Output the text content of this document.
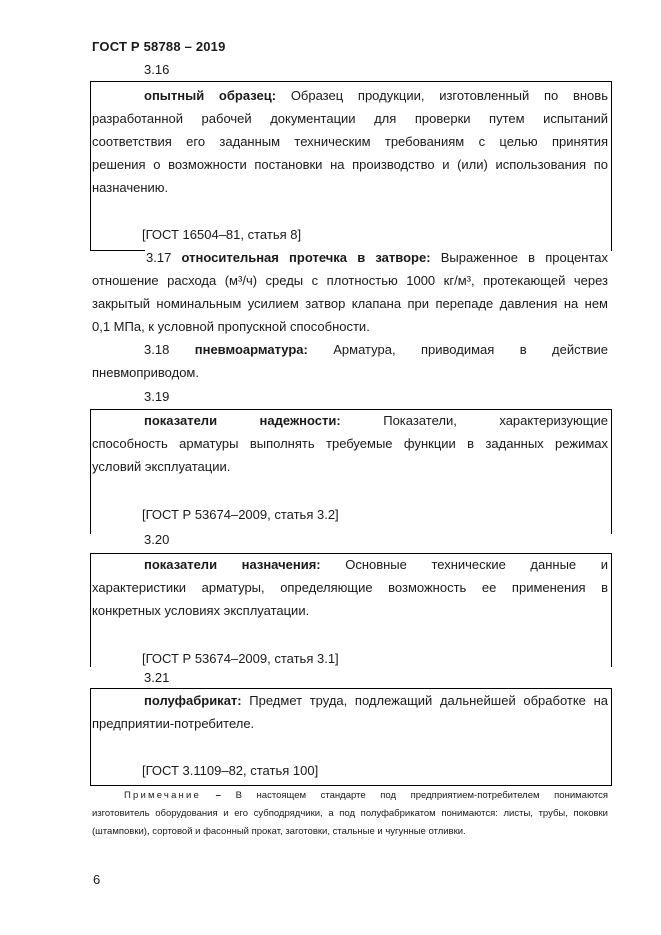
ГОСТ Р 58788 – 2019
3.16
опытный образец: Образец продукции, изготовленный по вновь
разработанной рабочей документации для проверки путем испытаний
соответствия его заданным техническим требованиям с целью принятия
решения о возможности постановки на производство и (или) использования по
назначению.
[ГОСТ 16504–81, статья 8]
3.17 относительная протечка в затворе: Выраженное в процентах
отношение расхода (м³/ч) среды с плотностью 1000 кг/м³, протекающей через
закрытый номинальным усилием затвор клапана при перепаде давления на нем
0,1 МПа, к условной пропускной способности.
3.18 пневмоарматура: Арматура, приводимая в действие
пневмоприводом.
3.19
показатели надежности:	Показатели, характеризующие
способность арматуры выполнять требуемые функции в заданных режимах
условий эксплуатации.
[ГОСТ Р 53674–2009, статья 3.2]
3.20
показатели назначения: Основные технические данные и
характеристики арматуры, определяющие возможность ее применения в
конкретных условиях эксплуатации.
[ГОСТ Р 53674–2009, статья 3.1]
3.21
полуфабрикат: Предмет труда, подлежащий дальнейшей обработке на
предприятии-потребителе.
[ГОСТ 3.1109–82, статья 100]
Примечание – В настоящем стандарте под предприятием-потребителем понимаются
изготовитель оборудования и его субподрядчики, а под полуфабрикатом понимаются: листы, трубы, поковки
(штамповки), сортовой и фасонный прокат, заготовки, стальные и чугунные отливки.
6
